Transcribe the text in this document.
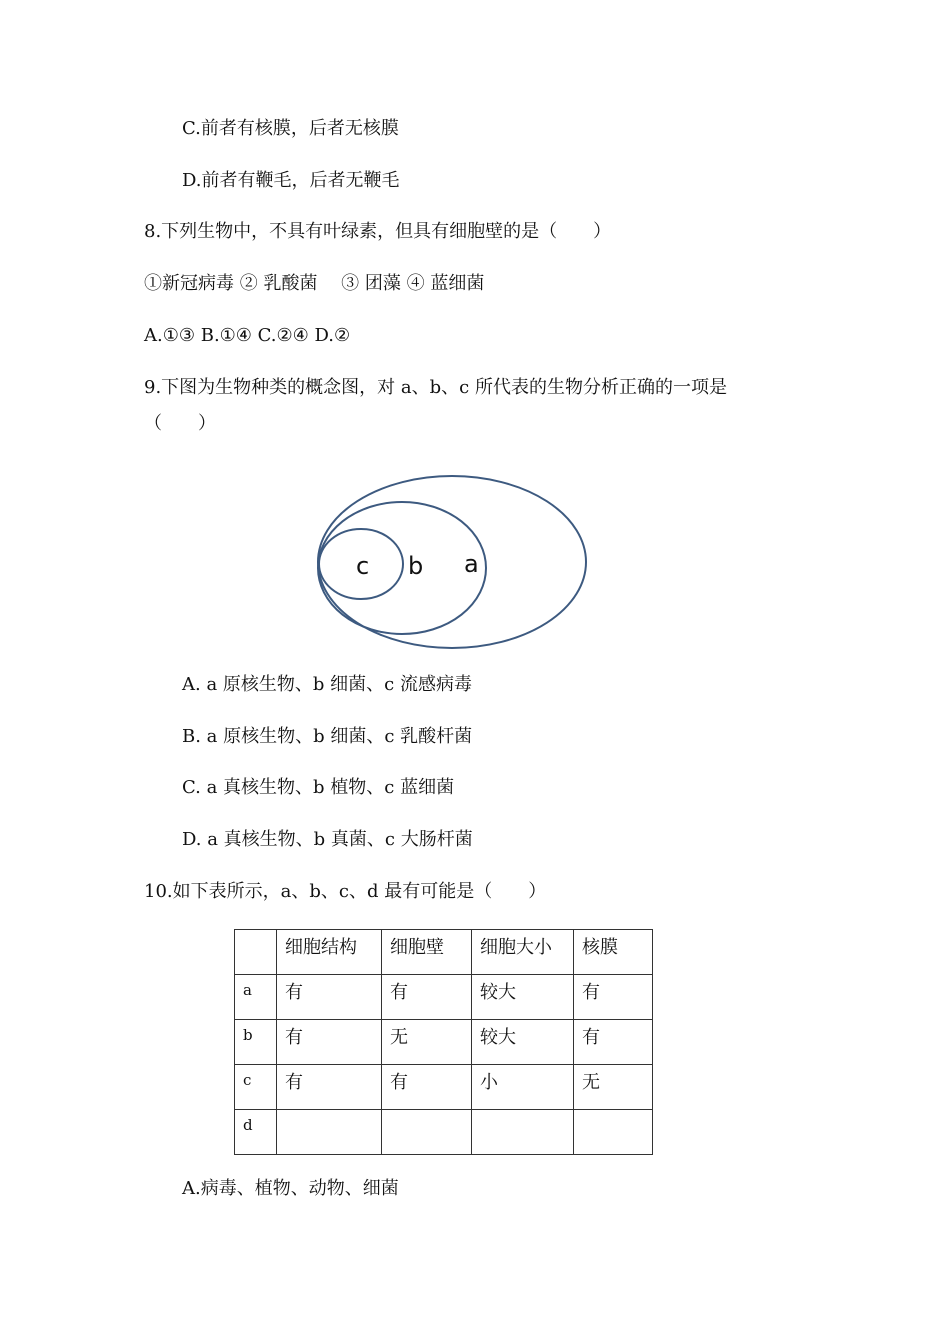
C.前者有核膜，后者无核膜
D.前者有鞭毛，后者无鞭毛
8.下列生物中，不具有叶绿素，但具有细胞壁的是（　　）
①新冠病毒 ② 乳酸菌　 ③ 团藻 ④ 蓝细菌
A.①③ B.①④ C.②④ D.②
9.下图为生物种类的概念图，对 a、b、c 所代表的生物分析正确的一项是
（　　）
c b a
A. a 原核生物、b 细菌、c 流感病毒
B. a 原核生物、b 细菌、c 乳酸杆菌
C. a 真核生物、b 植物、c 蓝细菌
D. a 真核生物、b 真菌、c 大肠杆菌
10.如下表所示，a、b、c、d 最有可能是（　　）
	细胞结构	细胞壁	细胞大小	核膜
a	有	有	较大	有
b	有	无	较大	有
c	有	有	小	无
d				
A.病毒、植物、动物、细菌
